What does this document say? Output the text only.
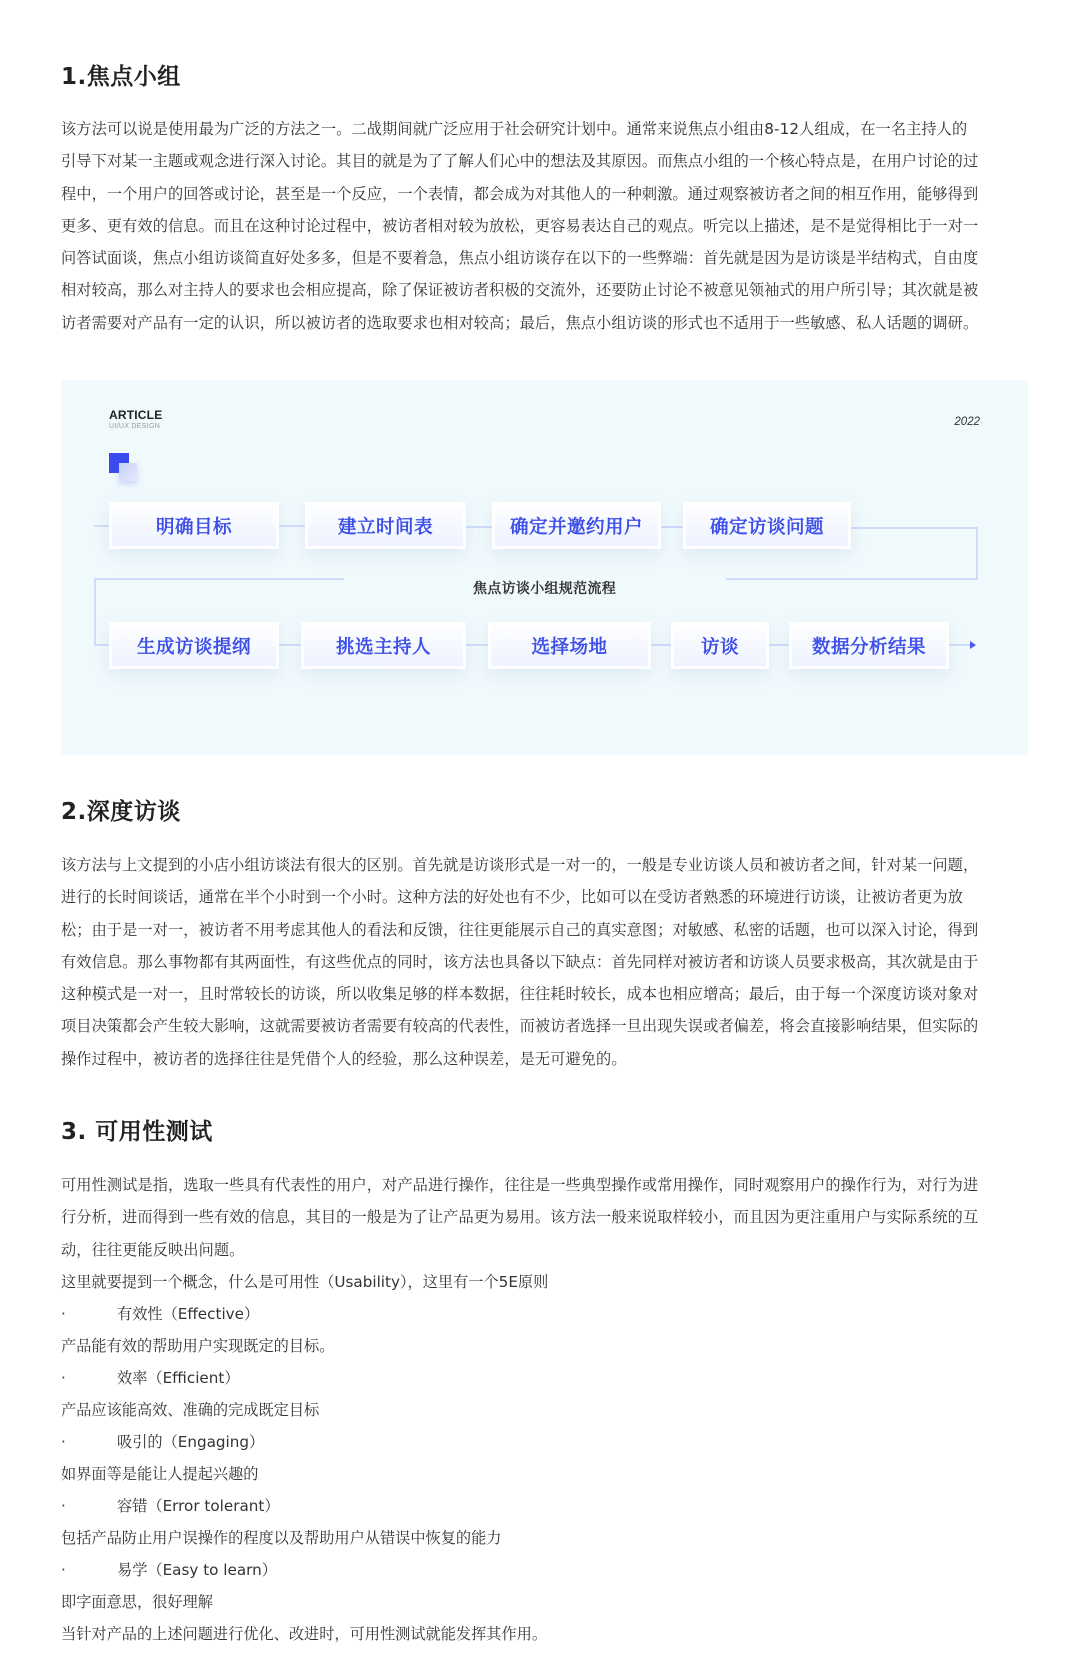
1.焦点小组
该方法可以说是使用最为广泛的方法之一。二战期间就广泛应用于社会研究计划中。通常来说焦点小组由8-12人组成，在一名主持人的
引导下对某一主题或观念进行深入讨论。其目的就是为了了解人们心中的想法及其原因。而焦点小组的一个核心特点是，在用户讨论的过
程中，一个用户的回答或讨论，甚至是一个反应，一个表情，都会成为对其他人的一种刺激。通过观察被访者之间的相互作用，能够得到
更多、更有效的信息。而且在这种讨论过程中，被访者相对较为放松，更容易表达自己的观点。听完以上描述，是不是觉得相比于一对一
问答试面谈，焦点小组访谈简直好处多多，但是不要着急，焦点小组访谈存在以下的一些弊端：首先就是因为是访谈是半结构式，自由度
相对较高，那么对主持人的要求也会相应提高，除了保证被访者积极的交流外，还要防止讨论不被意见领袖式的用户所引导；其次就是被
访者需要对产品有一定的认识，所以被访者的选取要求也相对较高；最后，焦点小组访谈的形式也不适用于一些敏感、私人话题的调研。
2.深度访谈
该方法与上文提到的小店小组访谈法有很大的区别。首先就是访谈形式是一对一的，一般是专业访谈人员和被访者之间，针对某一问题，
进行的长时间谈话，通常在半个小时到一个小时。这种方法的好处也有不少，比如可以在受访者熟悉的环境进行访谈，让被访者更为放
松；由于是一对一，被访者不用考虑其他人的看法和反馈，往往更能展示自己的真实意图；对敏感、私密的话题，也可以深入讨论，得到
有效信息。那么事物都有其两面性，有这些优点的同时，该方法也具备以下缺点：首先同样对被访者和访谈人员要求极高，其次就是由于
这种模式是一对一，且时常较长的访谈，所以收集足够的样本数据，往往耗时较长，成本也相应增高；最后，由于每一个深度访谈对象对
项目决策都会产生较大影响，这就需要被访者需要有较高的代表性，而被访者选择一旦出现失误或者偏差，将会直接影响结果，但实际的
操作过程中，被访者的选择往往是凭借个人的经验，那么这种误差，是无可避免的。
3. 可用性测试
可用性测试是指，选取一些具有代表性的用户，对产品进行操作，往往是一些典型操作或常用操作，同时观察用户的操作行为，对行为进
行分析，进而得到一些有效的信息，其目的一般是为了让产品更为易用。该方法一般来说取样较小，而且因为更注重用户与实际系统的互
动，往往更能反映出问题。
这里就要提到一个概念，什么是可用性（Usability），这里有一个5E原则
·	有效性（Effective）
产品能有效的帮助用户实现既定的目标。
·	效率（Efficient）
产品应该能高效、准确的完成既定目标
·	吸引的（Engaging）
如界面等是能让人提起兴趣的
·	容错（Error tolerant）
包括产品防止用户误操作的程度以及帮助用户从错误中恢复的能力
·	易学（Easy to learn）
即字面意思，很好理解
当针对产品的上述问题进行优化、改进时，可用性测试就能发挥其作用。
ARTICLE
UI/UX DESIGN	2022
明确目标	建立时间表	确定并邀约用户	确定访谈问题
焦点访谈小组规范流程
生成访谈提纲	挑选主持人	选择场地	访谈	数据分析结果
